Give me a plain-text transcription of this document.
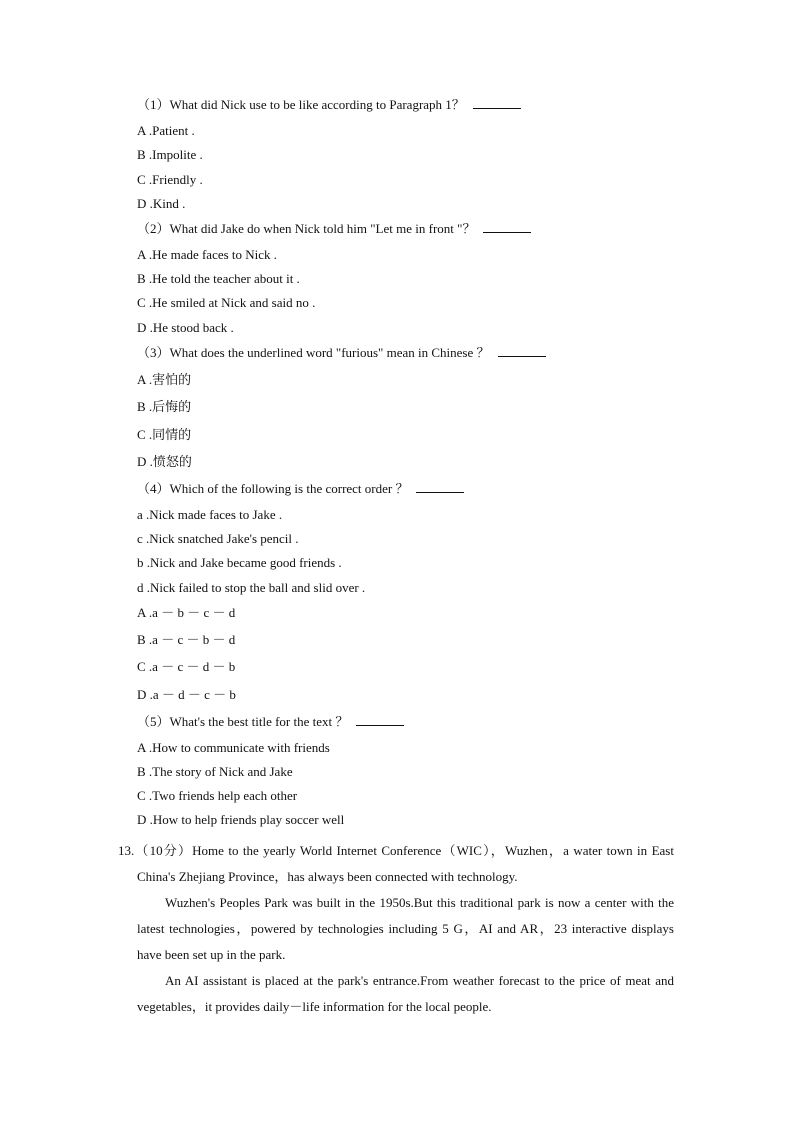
（1）What did Nick use to be like according to Paragraph 1？
A .Patient .
B .Impolite .
C .Friendly .
D .Kind .
（2）What did Jake do when Nick told him "Let me in front "？
A .He made faces to Nick .
B .He told the teacher about it .
C .He smiled at Nick and said no .
D .He stood back .
（3）What does the underlined word "furious" mean in Chinese ？
A .害怕的
B .后悔的
C .同情的
D .愤怒的
（4）Which of the following is the correct order ？
a .Nick made faces to Jake .
c .Nick snatched Jake's pencil .
b .Nick and Jake became good friends .
d .Nick failed to stop the ball and slid over .
A .a － b － c － d
B .a － c － b － d
C .a － c － d － b
D .a － d － c － b
（5）What's the best title for the text ？
A .How to communicate with friends
B .The story of Nick and Jake
C .Two friends help each other
D .How to help friends play soccer well

13.（10分）Home to the yearly World Internet Conference（WIC），Wuzhen，a water town in East China's Zhejiang Province，has always been connected with technology.

Wuzhen's Peoples Park was built in the 1950s.But this traditional park is now a center with the latest technologies，powered by technologies including 5 G，AI and AR，23 interactive displays have been set up in the park.

An AI assistant is placed at the park's entrance.From weather forecast to the price of meat and vegetables，it provides daily－life information for the local people.
